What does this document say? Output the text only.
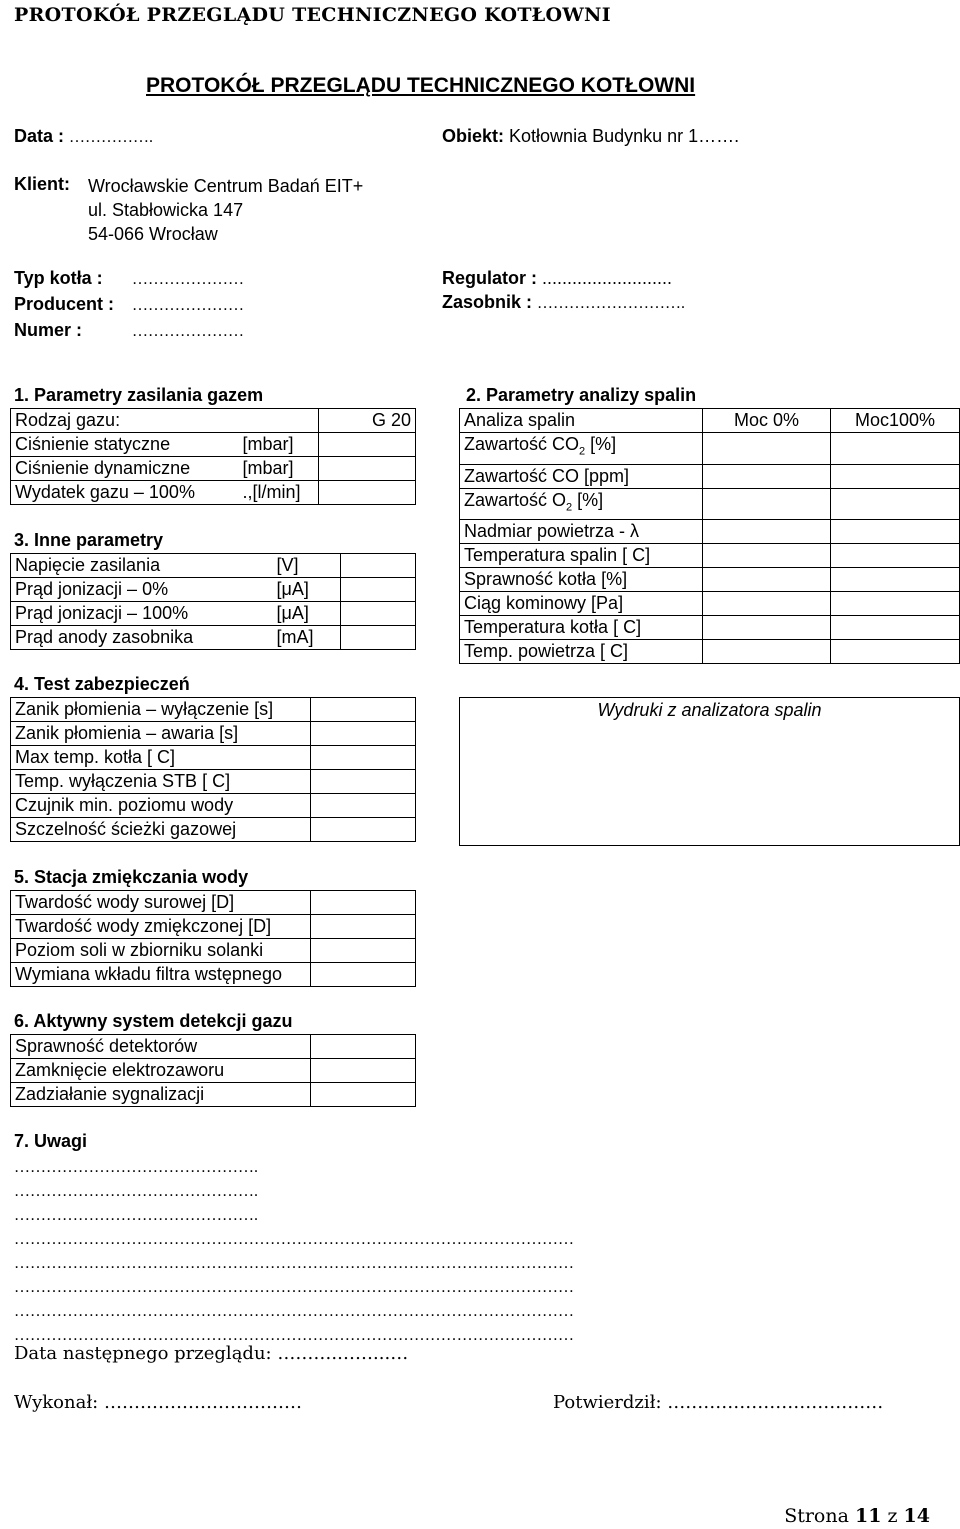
PROTOKÓŁ PRZEGLĄDU TECHNICZNEGO KOTŁOWNI
PROTOKÓŁ PRZEGLĄDU TECHNICZNEGO KOTŁOWNI
Data : …………….	Obiekt: Kotłownia Budynku nr 1…….
Klient: Wrocławskie Centrum Badań EIT+
ul. Stabłowicka 147
54-066 Wrocław
Typ kotła : …………………
Producent : …………………
Numer :	…………………
Regulator : ..........................
Zasobnik : ……………………….
1. Parametry zasilania gazem
Rodzaj gazu:		G 20
Ciśnienie statyczne	[mbar]	
Ciśnienie dynamiczne	[mbar]	
Wydatek gazu – 100%	.,[l/min]	
2. Parametry analizy spalin
Analiza spalin	Moc 0%	Moc100%
Zawartość $CO_2$ [%]		
Zawartość CO [ppm]		
Zawartość $O_2$ [%]		
Nadmiar powietrza - λ		
Temperatura spalin [ C]		
Sprawność kotła [%]		
Ciąg kominowy [Pa]		
Temperatura kotła [ C]		
Temp. powietrza [ C]		
3. Inne parametry
Napięcie zasilania	[V]	
Prąd jonizacji – 0%	[μA]	
Prąd jonizacji – 100%	[μA]	
Prąd anody zasobnika	[mA]	
4. Test zabezpieczeń
Zanik płomienia – wyłączenie [s]	
Zanik płomienia – awaria [s]	
Max temp. kotła [ C]	
Temp. wyłączenia STB [ C]	
Czujnik min. poziomu wody	
Szczelność ścieżki gazowej	
Wydruki z analizatora spalin
5. Stacja zmiękczania wody
Twardość wody surowej [D]	
Twardość wody zmiękczonej [D]	
Poziom soli w zbiorniku solanki	
Wymiana wkładu filtra wstępnego	
6. Aktywny system detekcji gazu
Sprawność detektorów	
Zamknięcie elektrozaworu	
Zadziałanie sygnalizacji	
7. Uwagi
……………………………………….
……………………………………….
……………………………………….
……………………………………………………………………………………………
……………………………………………………………………………………………
……………………………………………………………………………………………
……………………………………………………………………………………………
……………………………………………………………………………………………
Data następnego przeglądu: ……….……...…
Wykonał: ……………………………	Potwierdził: ………………………………
Strona 11 z 14
